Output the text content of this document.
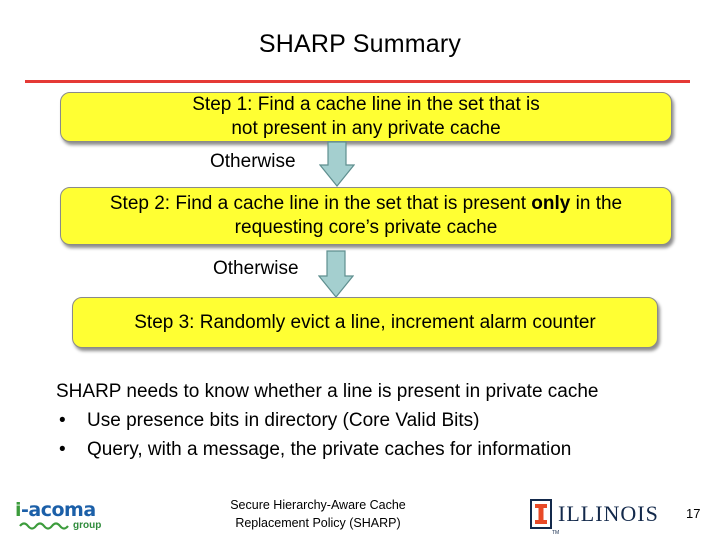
SHARP Summary
Step 1: Find a cache line in the set that is
not present in any private cache
Otherwise
Step 2: Find a cache line in the set that is present only in the
requesting core’s private cache
Otherwise
Step 3: Randomly evict a line, increment alarm counter
SHARP needs to know whether a line is present in private cache
•	Use presence bits in directory (Core Valid Bits)
•	Query, with a message, the private caches for information
i-acoma
group
Secure Hierarchy-Aware Cache
Replacement Policy (SHARP)	ILLINOIS
TM
17
